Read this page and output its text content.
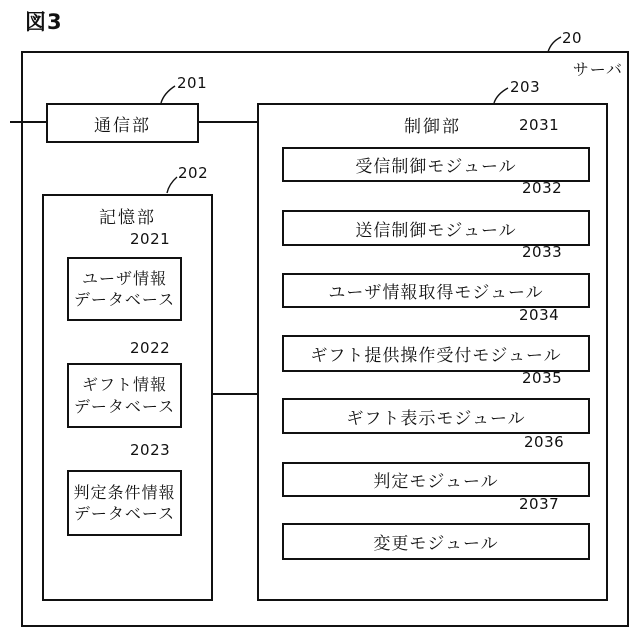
図3
サーバ
通信部
記憶部
ユーザ情報
データベース
ギフト情報
データベース
判定条件情報
データベース
制御部
受信制御モジュール
送信制御モジュール
ユーザ情報取得モジュール
ギフト提供操作受付モジュール
ギフト表示モジュール
判定モジュール
変更モジュール
20
201
202
2021
2022
2023
203
2031
2032
2033
2034
2035
2036
2037
